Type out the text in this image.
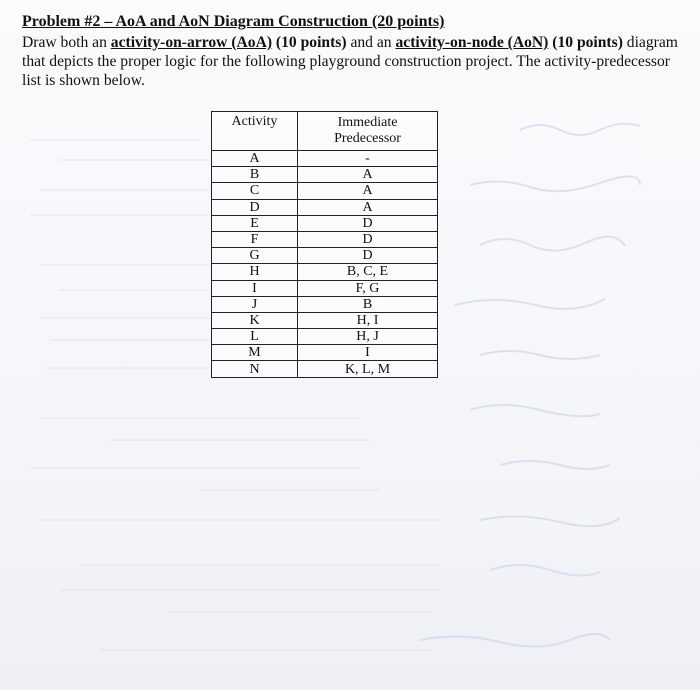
Problem #2 – AoA and AoN Diagram Construction (20 points)
Draw both an activity-on-arrow (AoA) (10 points) and an activity-on-node (AoN) (10 points) diagram that depicts the proper logic for the following playground construction project. The activity-predecessor list is shown below.
Activity	Immediate Predecessor
A	-
B	A
C	A
D	A
E	D
F	D
G	D
H	B, C, E
I	F, G
J	B
K	H, I
L	H, J
M	I
N	K, L, M
